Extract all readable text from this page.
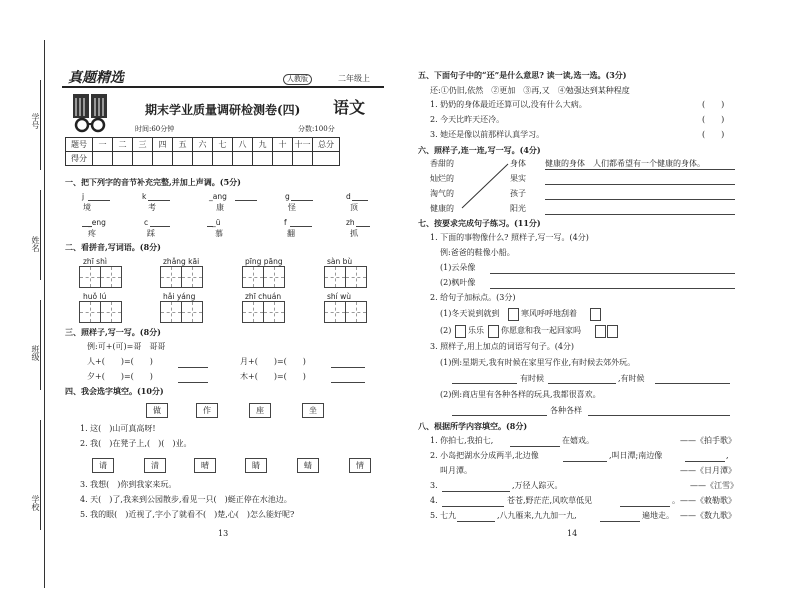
学号
姓名
班级
学校
真题精选	人教版	二年级上
期末学业质量调研检测卷(四) 语文
时间:60分钟	分数:100分
题号	一	二	三	四	五	六	七	八	九	十	十一	总分
得分												
一、把下列字的音节补充完整,并加上声调。(5分)
j	k	_ang	g	d
境	考	康	怪	顶
_eng	c	_ü	f	zh
疼	踩	慕	翻	抓
二、看拼音,写词语。(8分)
zhī shì	zhǎng kāi	pīng pāng	sàn bù
huǒ lú	hǎi yáng	zhī chuán	shí wù
三、照样子,写一写。(8分)
例:可+(可)=哥　哥哥
人+(　　)=(　　)	月+(　　)=(　　)
夕+(　　)=(　　)	木+(　　)=(　　)
四、我会选字填空。(10分)
做	作	座	坐
1. 这(　)山可真高呀!
2. 我(　)在凳子上,(　)(　)业。
请	清	晴	睛	蜻	情
3. 我想(　)你到我家来玩。
4. 天(　)了,我来到公园散步,看见一只(　)蜓正停在水池边。
5. 我的眼(　)近视了,字小了就看不(　)楚,心(　)怎么能好呢?
13
五、下面句子中的“还”是什么意思? 读一读,选一选。(3分)
还:①仍旧,依然　②更加　③再,又　④勉强达到某种程度
1. 奶奶的身体最近还算可以,没有什么大病。	(　　)
2. 今天比昨天还冷。	(　　)
3. 她还是像以前那样认真学习。	(　　)
六、照样子,连一连,写一写。(4分)
香甜的
灿烂的
淘气的
健康的
身体
果实
孩子
阳光
健康的身体　人们都希望有一个健康的身体。
七、按要求完成句子练习。(11分)
1. 下面的事物像什么? 照样子,写一写。(4分)
例:爸爸的鞋像小船。
(1)云朵像
(2)枫叶像
2. 给句子加标点。(3分)
(1)冬天说到就到	寒风呼呼地刮着
(2) 乐乐 你愿意和我一起回家吗
3. 照样子,用上加点的词语写句子。(4分)
(1)例:星期天,我有时候在家里写作业,有时候去郊外玩。
有时候	,有时候
(2)例:商店里有各种各样的玩具,我都很喜欢。
各种各样
八、根据所学内容填空。(8分)
1. 你拍七,我拍七,	在嬉戏。	——《拍手歌》
2. 小岛把湖水分成两半,北边像	,叫日潭;南边像	,
叫月潭。	——《日月潭》
3.	,万径人踪灭。	——《江雪》
4.	苍苍,野茫茫,风吹草低见	。——《敕勒歌》
5. 七九	,八九雁来,九九加一九,	遍地走。 ——《数九歌》
14
